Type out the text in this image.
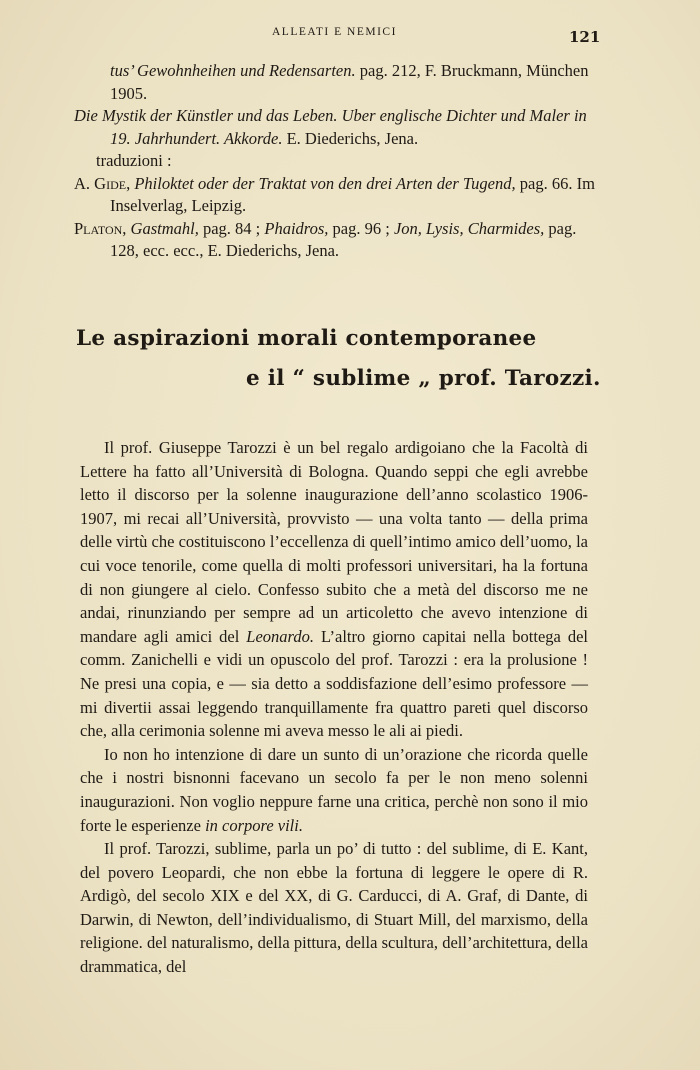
ALLEATI E NEMICI	121

tus’ Gewohnheihen und Redensarten. pag. 212, F. Bruckmann, München 1905.

Die Mystik der Künstler und das Leben. Uber englische Dichter und Maler in 19. Jahrhundert. Akkorde. E. Diederichs, Jena.

traduzioni :

A. Gide, Philoktet oder der Traktat von den drei Arten der Tugend, pag. 66. Im Inselverlag, Leipzig.

Platon, Gastmahl, pag. 84 ; Phaidros, pag. 96 ; Jon, Lysis, Charmides, pag. 128, ecc. ecc., E. Diederichs, Jena.

Le aspirazioni morali contemporanee
e il “ sublime „ prof. Tarozzi.

Il prof. Giuseppe Tarozzi è un bel regalo ardigoiano che la Facoltà di Lettere ha fatto all’Università di Bologna. Quando seppi che egli avrebbe letto il discorso per la solenne inaugurazione dell’anno scolastico 1906-1907, mi recai all’Università, provvisto — una volta tanto — della prima delle virtù che costituiscono l’eccellenza di quell’intimo amico dell’uomo, la cui voce tenorile, come quella di molti professori universitari, ha la fortuna di non giungere al cielo. Confesso subito che a metà del discorso me ne andai, rinunziando per sempre ad un articoletto che avevo intenzione di mandare agli amici del Leonardo. L’altro giorno capitai nella bottega del comm. Zanichelli e vidi un opuscolo del prof. Tarozzi : era la prolusione ! Ne presi una copia, e — sia detto a soddisfazione dell’esimo professore — mi divertii assai leggendo tranquillamente fra quattro pareti quel discorso che, alla cerimonia solenne mi aveva messo le ali ai piedi.

Io non ho intenzione di dare un sunto di un’orazione che ricorda quelle che i nostri bisnonni facevano un secolo fa per le non meno solenni inaugurazioni. Non voglio neppure farne una critica, perchè non sono il mio forte le esperienze in corpore vili.

Il prof. Tarozzi, sublime, parla un po’ di tutto : del sublime, di E. Kant, del povero Leopardi, che non ebbe la fortuna di leggere le opere di R. Ardigò, del secolo XIX e del XX, di G. Carducci, di A. Graf, di Dante, di Darwin, di Newton, dell’individualismo, di Stuart Mill, del marxismo, della religione. del naturalismo, della pittura, della scultura, dell’architettura, della drammatica, del
